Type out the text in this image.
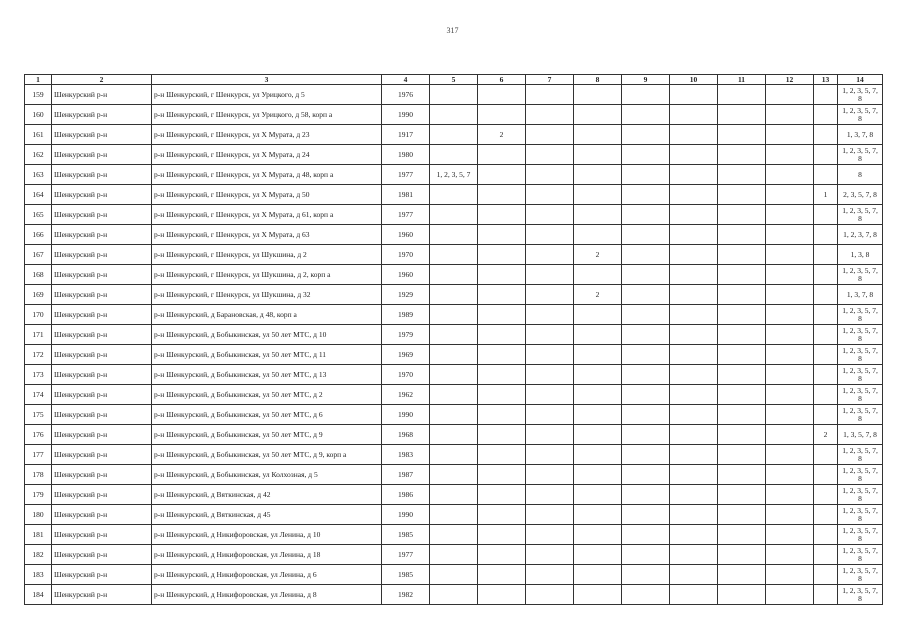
317
1	2	3	4	5	6	7	8	9	10	11	12	13	14
159	Шенкурский р-н	р-н Шенкурский, г Шенкурск, ул Урицкого, д 5	1976										1, 2, 3, 5, 7, 8
160	Шенкурский р-н	р-н Шенкурский, г Шенкурск, ул Урицкого, д 58, корп а	1990										1, 2, 3, 5, 7, 8
161	Шенкурский р-н	р-н Шенкурский, г Шенкурск, ул Х Мурата, д 23	1917		2								1, 3, 7, 8
162	Шенкурский р-н	р-н Шенкурский, г Шенкурск, ул Х Мурата, д 24	1980										1, 2, 3, 5, 7, 8
163	Шенкурский р-н	р-н Шенкурский, г Шенкурск, ул Х Мурата, д 48, корп а	1977	1, 2, 3, 5, 7									8
164	Шенкурский р-н	р-н Шенкурский, г Шенкурск, ул Х Мурата, д 50	1981									1	2, 3, 5, 7, 8
165	Шенкурский р-н	р-н Шенкурский, г Шенкурск, ул Х Мурата, д 61, корп а	1977										1, 2, 3, 5, 7, 8
166	Шенкурский р-н	р-н Шенкурский, г Шенкурск, ул Х Мурата, д 63	1960										1, 2, 3, 7, 8
167	Шенкурский р-н	р-н Шенкурский, г Шенкурск, ул Шукшина, д 2	1970				2						1, 3, 8
168	Шенкурский р-н	р-н Шенкурский, г Шенкурск, ул Шукшина, д 2, корп а	1960										1, 2, 3, 5, 7, 8
169	Шенкурский р-н	р-н Шенкурский, г Шенкурск, ул Шукшина, д 32	1929				2						1, 3, 7, 8
170	Шенкурский р-н	р-н Шенкурский, д Барановская, д 48, корп а	1989										1, 2, 3, 5, 7, 8
171	Шенкурский р-н	р-н Шенкурский, д Бобыкинская, ул 50 лет МТС, д 10	1979										1, 2, 3, 5, 7, 8
172	Шенкурский р-н	р-н Шенкурский, д Бобыкинская, ул 50 лет МТС, д 11	1969										1, 2, 3, 5, 7, 8
173	Шенкурский р-н	р-н Шенкурский, д Бобыкинская, ул 50 лет МТС, д 13	1970										1, 2, 3, 5, 7, 8
174	Шенкурский р-н	р-н Шенкурский, д Бобыкинская, ул 50 лет МТС, д 2	1962										1, 2, 3, 5, 7, 8
175	Шенкурский р-н	р-н Шенкурский, д Бобыкинская, ул 50 лет МТС, д 6	1990										1, 2, 3, 5, 7, 8
176	Шенкурский р-н	р-н Шенкурский, д Бобыкинская, ул 50 лет МТС, д 9	1968									2	1, 3, 5, 7, 8
177	Шенкурский р-н	р-н Шенкурский, д Бобыкинская, ул 50 лет МТС, д 9, корп а	1983										1, 2, 3, 5, 7, 8
178	Шенкурский р-н	р-н Шенкурский, д Бобыкинская, ул Колхозная, д 5	1987										1, 2, 3, 5, 7, 8
179	Шенкурский р-н	р-н Шенкурский, д Вяткинская, д 42	1986										1, 2, 3, 5, 7, 8
180	Шенкурский р-н	р-н Шенкурский, д Вяткинская, д 45	1990										1, 2, 3, 5, 7, 8
181	Шенкурский р-н	р-н Шенкурский, д Никифоровская, ул Ленина, д 10	1985										1, 2, 3, 5, 7, 8
182	Шенкурский р-н	р-н Шенкурский, д Никифоровская, ул Ленина, д 18	1977										1, 2, 3, 5, 7, 8
183	Шенкурский р-н	р-н Шенкурский, д Никифоровская, ул Ленина, д 6	1985										1, 2, 3, 5, 7, 8
184	Шенкурский р-н	р-н Шенкурский, д Никифоровская, ул Ленина, д 8	1982										1, 2, 3, 5, 7, 8
